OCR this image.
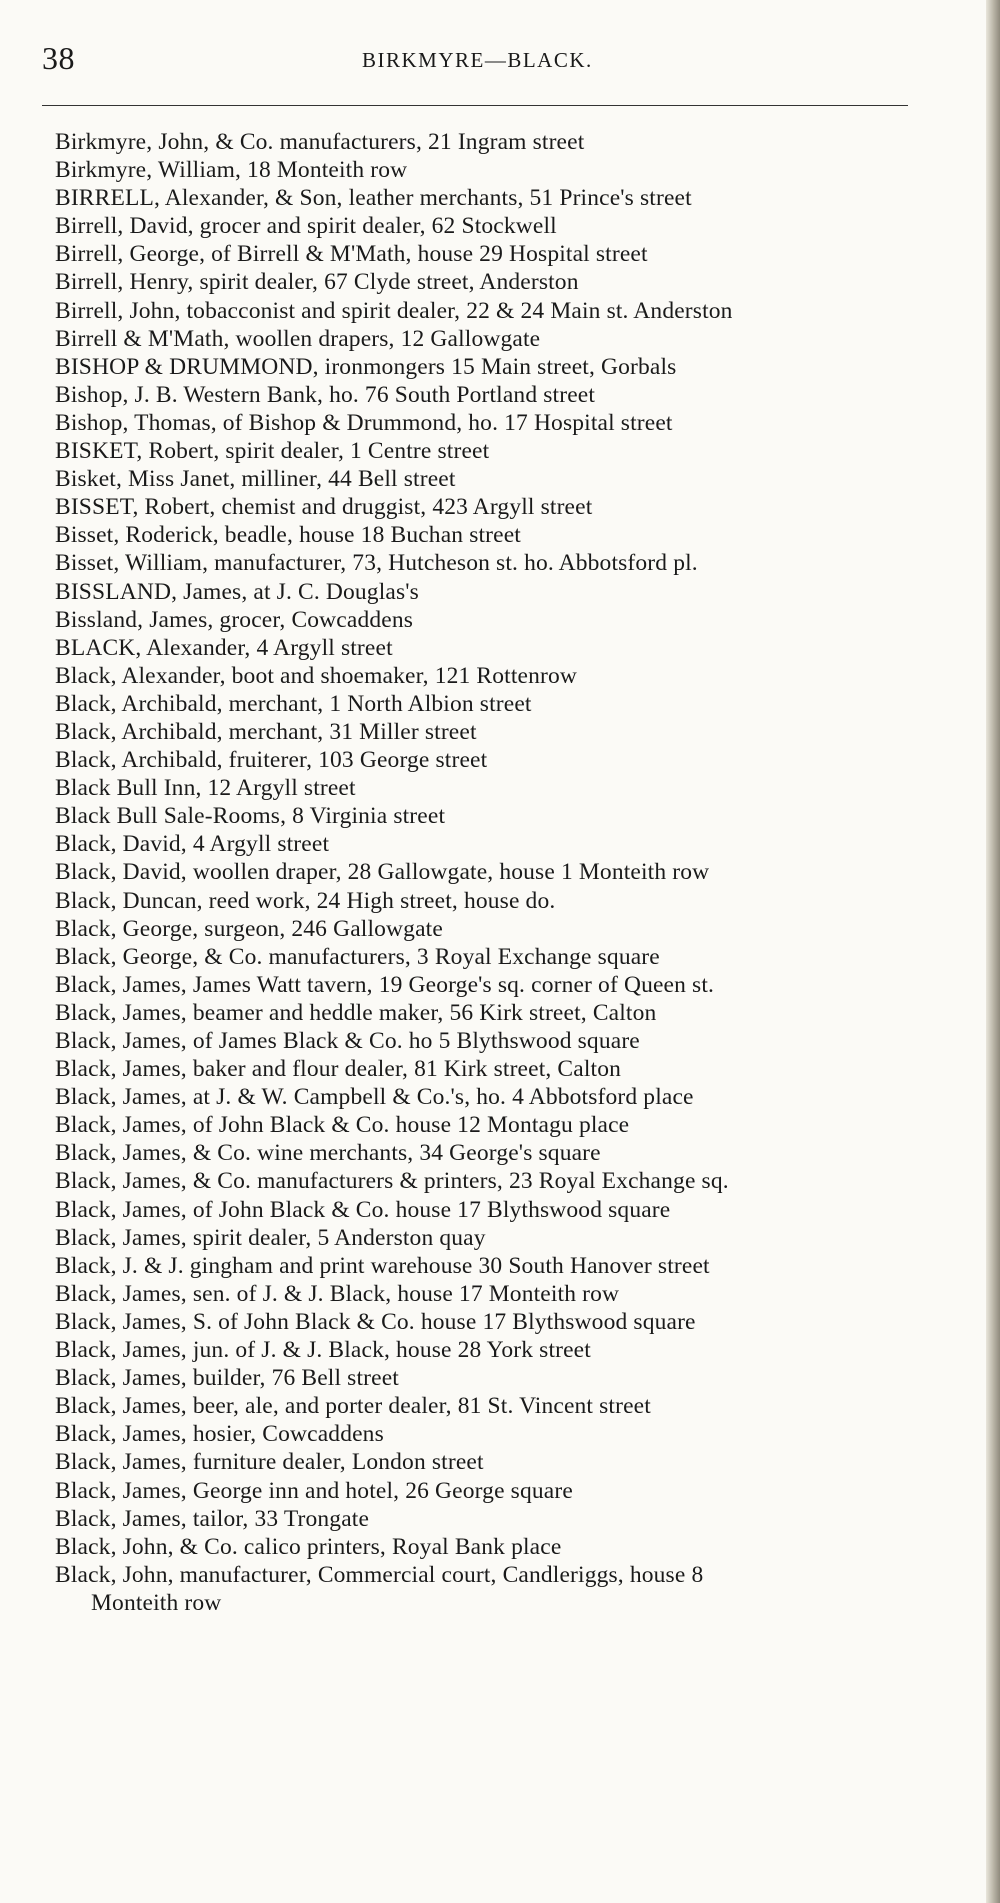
38	BIRKMYRE—BLACK.
Birkmyre, John, & Co. manufacturers, 21 Ingram street
Birkmyre, William, 18 Monteith row
BIRRELL, Alexander, & Son, leather merchants, 51 Prince's street
Birrell, David, grocer and spirit dealer, 62 Stockwell
Birrell, George, of Birrell & M'Math, house 29 Hospital street
Birrell, Henry, spirit dealer, 67 Clyde street, Anderston
Birrell, John, tobacconist and spirit dealer, 22 & 24 Main st. Anderston
Birrell & M'Math, woollen drapers, 12 Gallowgate
BISHOP & DRUMMOND, ironmongers 15 Main street, Gorbals
Bishop, J. B. Western Bank, ho. 76 South Portland street
Bishop, Thomas, of Bishop & Drummond, ho. 17 Hospital street
BISKET, Robert, spirit dealer, 1 Centre street
Bisket, Miss Janet, milliner, 44 Bell street
BISSET, Robert, chemist and druggist, 423 Argyll street
Bisset, Roderick, beadle, house 18 Buchan street
Bisset, William, manufacturer, 73, Hutcheson st. ho. Abbotsford pl.
BISSLAND, James, at J. C. Douglas's
Bissland, James, grocer, Cowcaddens
BLACK, Alexander, 4 Argyll street
Black, Alexander, boot and shoemaker, 121 Rottenrow
Black, Archibald, merchant, 1 North Albion street
Black, Archibald, merchant, 31 Miller street
Black, Archibald, fruiterer, 103 George street
Black Bull Inn, 12 Argyll street
Black Bull Sale-Rooms, 8 Virginia street
Black, David, 4 Argyll street
Black, David, woollen draper, 28 Gallowgate, house 1 Monteith row
Black, Duncan, reed work, 24 High street, house do.
Black, George, surgeon, 246 Gallowgate
Black, George, & Co. manufacturers, 3 Royal Exchange square
Black, James, James Watt tavern, 19 George's sq. corner of Queen st.
Black, James, beamer and heddle maker, 56 Kirk street, Calton
Black, James, of James Black & Co. ho 5 Blythswood square
Black, James, baker and flour dealer, 81 Kirk street, Calton
Black, James, at J. & W. Campbell & Co.'s, ho. 4 Abbotsford place
Black, James, of John Black & Co. house 12 Montagu place
Black, James, & Co. wine merchants, 34 George's square
Black, James, & Co. manufacturers & printers, 23 Royal Exchange sq.
Black, James, of John Black & Co. house 17 Blythswood square
Black, James, spirit dealer, 5 Anderston quay
Black, J. & J. gingham and print warehouse 30 South Hanover street
Black, James, sen. of J. & J. Black, house 17 Monteith row
Black, James, S. of John Black & Co. house 17 Blythswood square
Black, James, jun. of J. & J. Black, house 28 York street
Black, James, builder, 76 Bell street
Black, James, beer, ale, and porter dealer, 81 St. Vincent street
Black, James, hosier, Cowcaddens
Black, James, furniture dealer, London street
Black, James, George inn and hotel, 26 George square
Black, James, tailor, 33 Trongate
Black, John, & Co. calico printers, Royal Bank place
Black, John, manufacturer, Commercial court, Candleriggs, house 8
Monteith row
